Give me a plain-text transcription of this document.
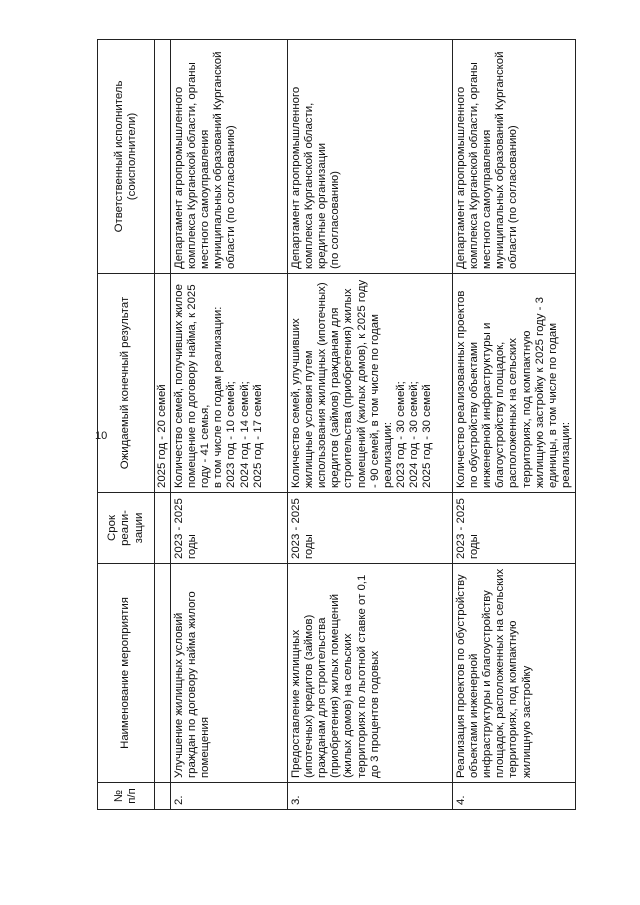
10
№ п/п	Наименование мероприятия	Срок реали-зации	Ожидаемый конечный результат	Ответственный исполнитель (соисполнители)
			2025 год - 20 семей	
2.	Улучшение жилищных условий граждан по договору найма жилого помещения	2023 - 2025 годы	Количество семей, получивших жилое помещение по договору найма, к 2025 году - 41 семья,
в том числе по годам реализации:
2023 год - 10 семей;
2024 год - 14 семей;
2025 год - 17 семей	Департамент агропромышленного комплекса Курганской области, органы местного самоуправления муниципальных образований Курганской области (по согласованию)
3.	Предоставление жилищных (ипотечных) кредитов (займов) гражданам для строительства (приобретения) жилых помещений (жилых домов) на сельских территориях по льготной ставке от 0,1 до 3 процентов годовых	2023 - 2025 годы	Количество семей, улучшивших жилищные условия путем использования жилищных (ипотечных) кредитов (займов) гражданам для строительства (приобретения) жилых помещений (жилых домов), к 2025 году - 90 семей, в том числе по годам реализации:
2023 год - 30 семей;
2024 год - 30 семей;
2025 год - 30 семей	Департамент агропромышленного комплекса Курганской области, кредитные организации
(по согласованию)
4.	Реализация проектов по обустройству объектами инженерной инфраструктуры и благоустройству площадок, расположенных на сельских территориях, под компактную жилищную застройку	2023 - 2025 годы	Количество реализованных проектов по обустройству объектами инженерной инфраструктуры и благоустройству площадок, расположенных на сельских территориях, под компактную жилищную застройку к 2025 году - 3 единицы, в том числе по годам реализации:	Департамент агропромышленного комплекса Курганской области, органы местного самоуправления муниципальных образований Курганской области (по согласованию)
